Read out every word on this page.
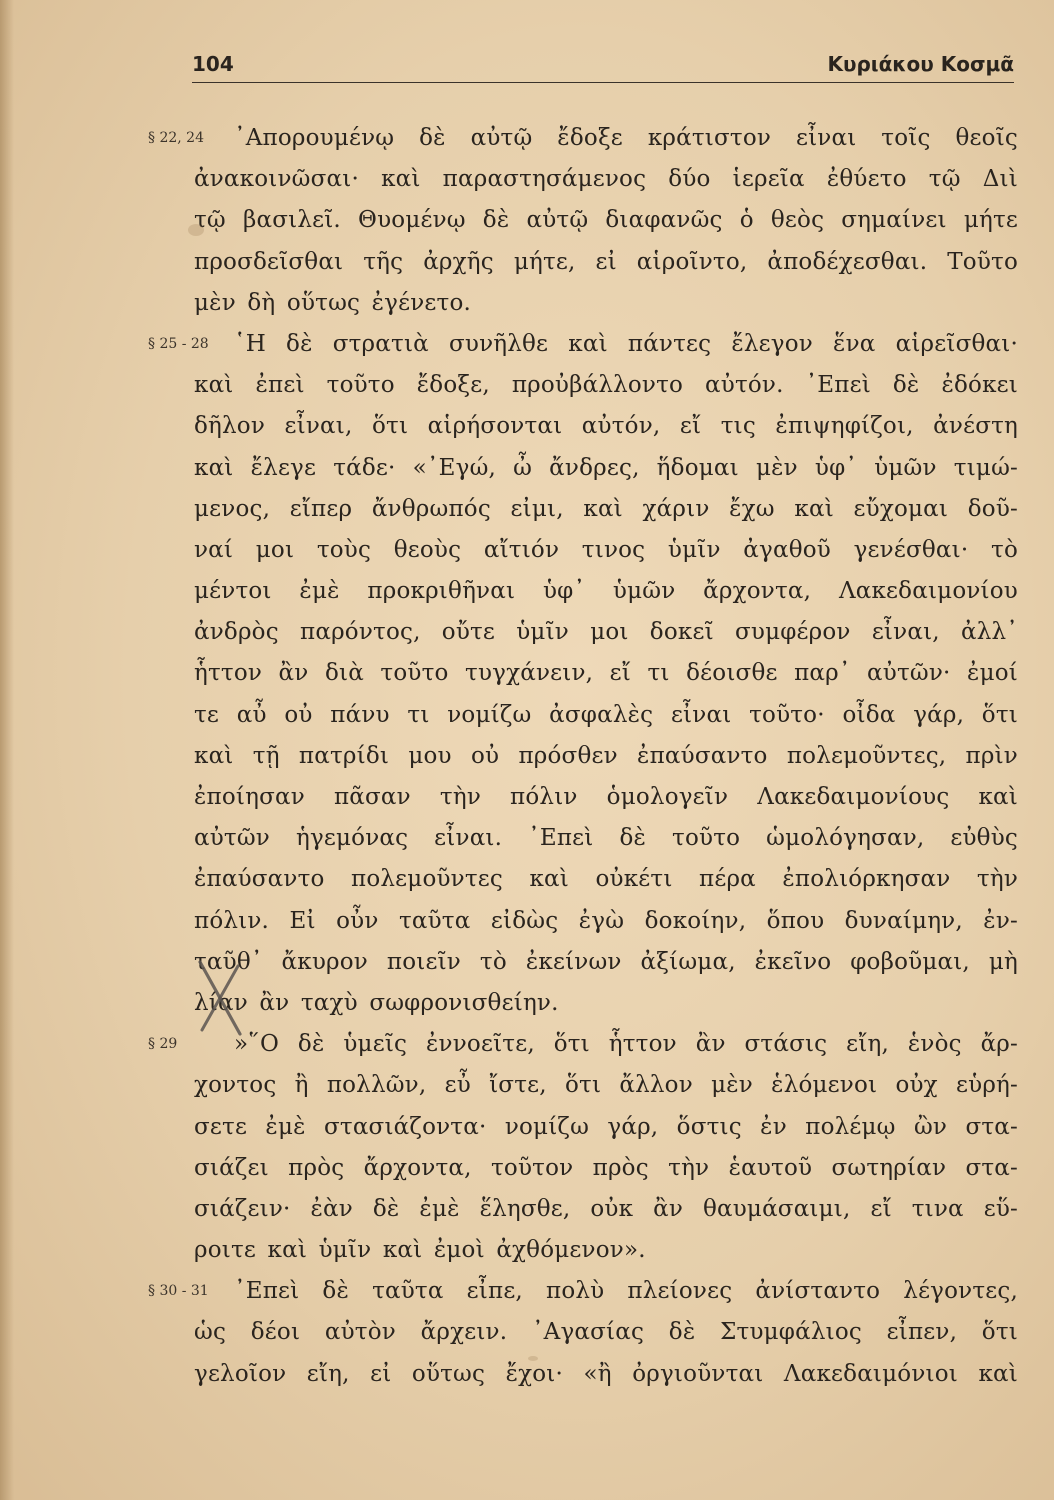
104	Κυριάκου Κοσμᾶ
§ 22, 24 ᾿Απορουμένῳ δὲ αὐτῷ ἔδοξε κράτιστον εἶναι τοῖς θεοῖς
ἀνακοινῶσαι· καὶ παραστησάμενος δύο ἱερεῖα ἐθύετο τῷ Διὶ
τῷ βασιλεῖ. Θυομένῳ δὲ αὐτῷ διαφανῶς ὁ θεὸς σημαίνει μήτε
προσδεῖσθαι τῆς ἀρχῆς μήτε, εἰ αἱροῖντο, ἀποδέχεσθαι. Τοῦτο
μὲν δὴ οὕτως ἐγένετο.
§ 25 - 28 ῾Η δὲ στρατιὰ συνῆλθε καὶ πάντες ἔλεγον ἕνα αἱρεῖσθαι·
καὶ ἐπεὶ τοῦτο ἔδοξε, προὐβάλλοντο αὐτόν. ᾿Επεὶ δὲ ἐδόκει
δῆλον εἶναι, ὅτι αἱρήσονται αὐτόν, εἴ τις ἐπιψηφίζοι, ἀνέστη
καὶ ἔλεγε τάδε· «᾿Εγώ, ὦ ἄνδρες, ἥδομαι μὲν ὑφ᾿ ὑμῶν τιμώ-
μενος, εἴπερ ἄνθρωπός εἰμι, καὶ χάριν ἔχω καὶ εὔχομαι δοῦ-
ναί μοι τοὺς θεοὺς αἴτιόν τινος ὑμῖν ἀγαθοῦ γενέσθαι· τὸ
μέντοι ἐμὲ προκριθῆναι ὑφ᾿ ὑμῶν ἄρχοντα, Λακεδαιμονίου
ἀνδρὸς παρόντος, οὔτε ὑμῖν μοι δοκεῖ συμφέρον εἶναι, ἀλλ᾿
ἧττον ἂν διὰ τοῦτο τυγχάνειν, εἴ τι δέοισθε παρ᾿ αὐτῶν· ἐμοί
τε αὖ οὐ πάνυ τι νομίζω ἀσφαλὲς εἶναι τοῦτο· οἶδα γάρ, ὅτι
καὶ τῇ πατρίδι μου οὐ πρόσθεν ἐπαύσαντο πολεμοῦντες, πρὶν
ἐποίησαν πᾶσαν τὴν πόλιν ὁμολογεῖν Λακεδαιμονίους καὶ
αὐτῶν ἡγεμόνας εἶναι. ᾿Επεὶ δὲ τοῦτο ὡμολόγησαν, εὐθὺς
ἐπαύσαντο πολεμοῦντες καὶ οὐκέτι πέρα ἐπολιόρκησαν τὴν
πόλιν. Εἰ οὖν ταῦτα εἰδὼς ἐγὼ δοκοίην, ὅπου δυναίμην, ἐν-
ταῦθ᾿ ἄκυρον ποιεῖν τὸ ἐκείνων ἀξίωμα, ἐκεῖνο φοβοῦμαι, μὴ
λίαν ἂν ταχὺ σωφρονισθείην.
§ 29 »῞Ο δὲ ὑμεῖς ἐννοεῖτε, ὅτι ἧττον ἂν στάσις εἴη, ἑνὸς ἄρ-
χοντος ἢ πολλῶν, εὖ ἴστε, ὅτι ἄλλον μὲν ἑλόμενοι οὐχ εὑρή-
σετε ἐμὲ στασιάζοντα· νομίζω γάρ, ὅστις ἐν πολέμῳ ὢν στα-
σιάζει πρὸς ἄρχοντα, τοῦτον πρὸς τὴν ἑαυτοῦ σωτηρίαν στα-
σιάζειν· ἐὰν δὲ ἐμὲ ἕλησθε, οὐκ ἂν θαυμάσαιμι, εἴ τινα εὕ-
ροιτε καὶ ὑμῖν καὶ ἐμοὶ ἀχθόμενον».
§ 30 - 31 ᾿Επεὶ δὲ ταῦτα εἶπε, πολὺ πλείονες ἀνίσταντο λέγοντες,
ὡς δέοι αὐτὸν ἄρχειν. ᾿Αγασίας δὲ Στυμφάλιος εἶπεν, ὅτι
γελοῖον εἴη, εἰ οὕτως ἔχοι· «ἢ ὀργιοῦνται Λακεδαιμόνιοι καὶ
